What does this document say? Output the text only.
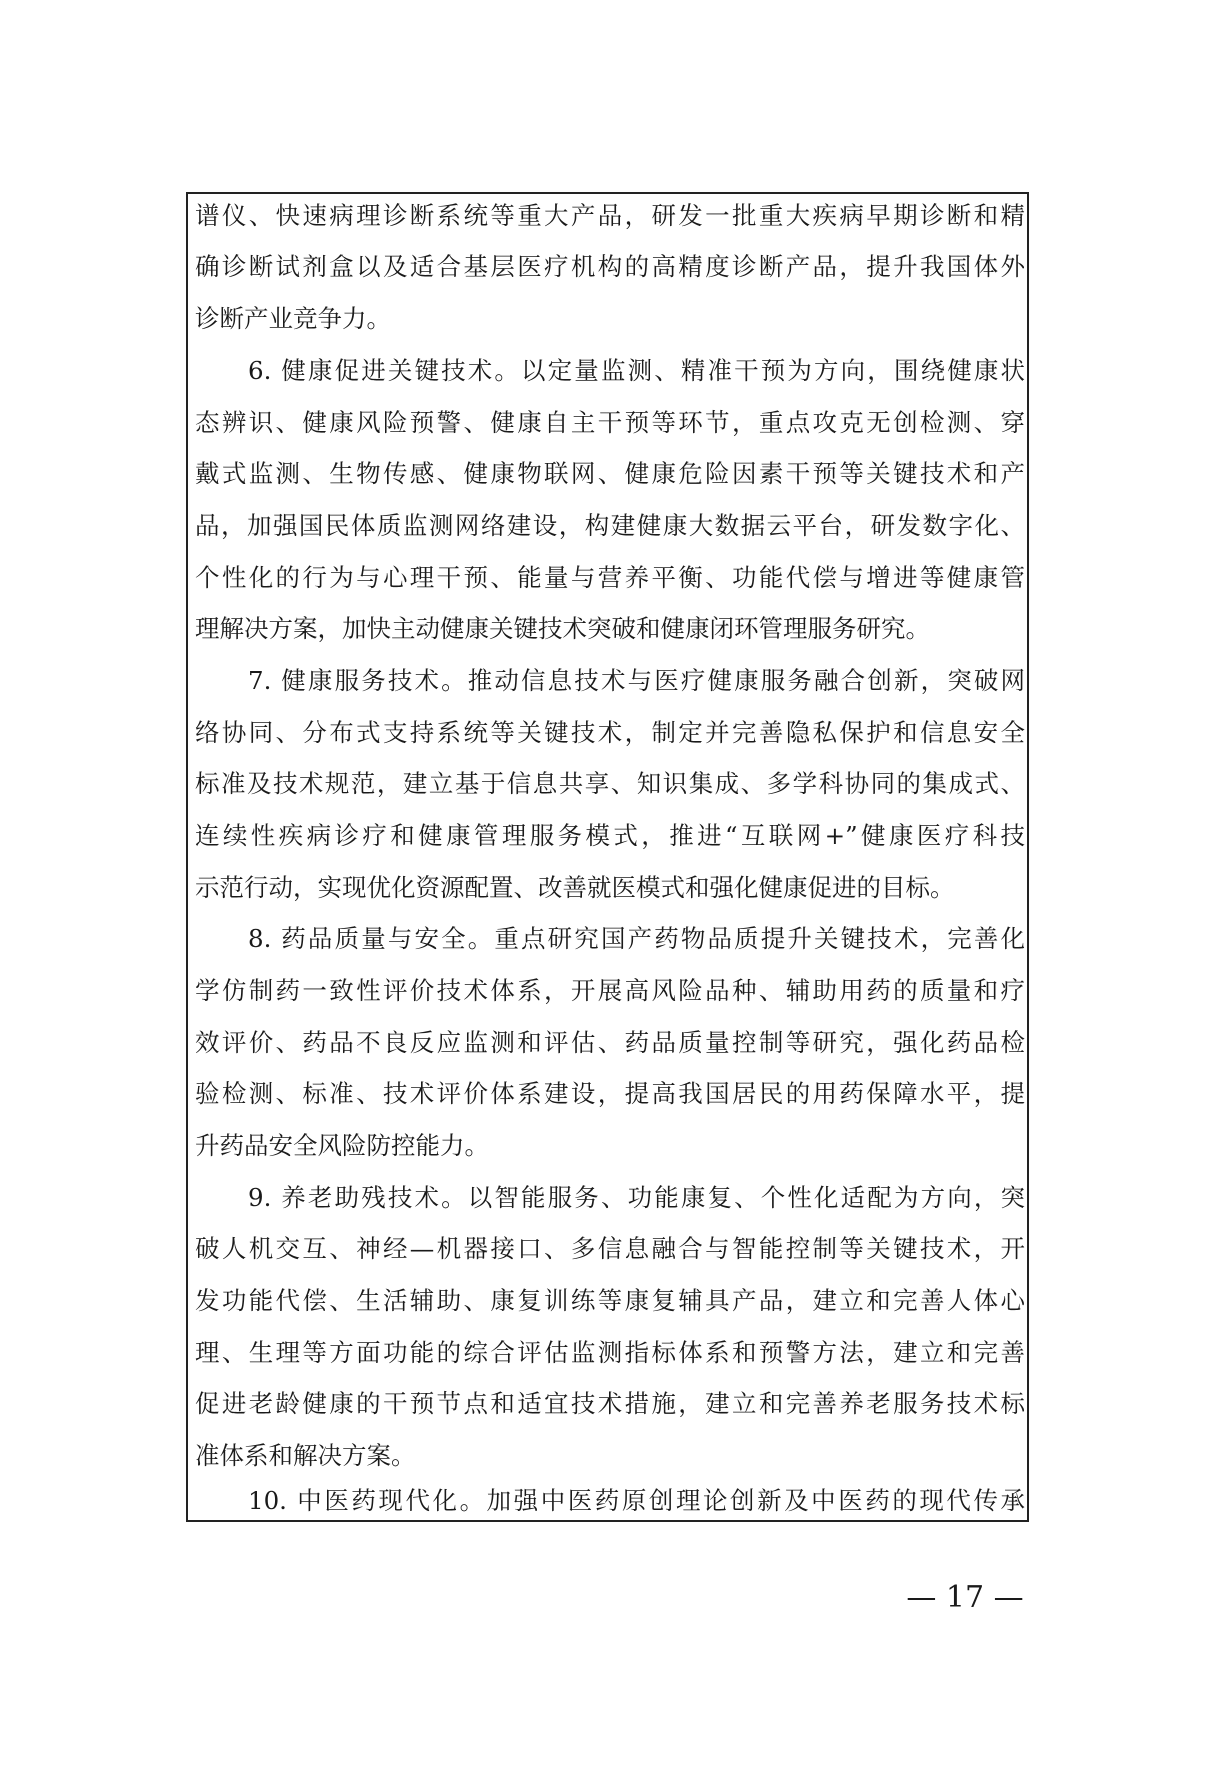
谱仪、快速病理诊断系统等重大产品，研发一批重大疾病早期诊断和精
确诊断试剂盒以及适合基层医疗机构的高精度诊断产品，提升我国体外
诊断产业竞争力。
6. 健康促进关键技术。以定量监测、精准干预为方向，围绕健康状
态辨识、健康风险预警、健康自主干预等环节，重点攻克无创检测、穿
戴式监测、生物传感、健康物联网、健康危险因素干预等关键技术和产
品，加强国民体质监测网络建设，构建健康大数据云平台，研发数字化、
个性化的行为与心理干预、能量与营养平衡、功能代偿与增进等健康管
理解决方案，加快主动健康关键技术突破和健康闭环管理服务研究。
7. 健康服务技术。推动信息技术与医疗健康服务融合创新，突破网
络协同、分布式支持系统等关键技术，制定并完善隐私保护和信息安全
标准及技术规范，建立基于信息共享、知识集成、多学科协同的集成式、
连续性疾病诊疗和健康管理服务模式，推进“互联网+”健康医疗科技
示范行动，实现优化资源配置、改善就医模式和强化健康促进的目标。
8. 药品质量与安全。重点研究国产药物品质提升关键技术，完善化
学仿制药一致性评价技术体系，开展高风险品种、辅助用药的质量和疗
效评价、药品不良反应监测和评估、药品质量控制等研究，强化药品检
验检测、标准、技术评价体系建设，提高我国居民的用药保障水平，提
升药品安全风险防控能力。
9. 养老助残技术。以智能服务、功能康复、个性化适配为方向，突
破人机交互、神经—机器接口、多信息融合与智能控制等关键技术，开
发功能代偿、生活辅助、康复训练等康复辅具产品，建立和完善人体心
理、生理等方面功能的综合评估监测指标体系和预警方法，建立和完善
促进老龄健康的干预节点和适宜技术措施，建立和完善养老服务技术标
准体系和解决方案。
10. 中医药现代化。加强中医药原创理论创新及中医药的现代传承
— 17 —
